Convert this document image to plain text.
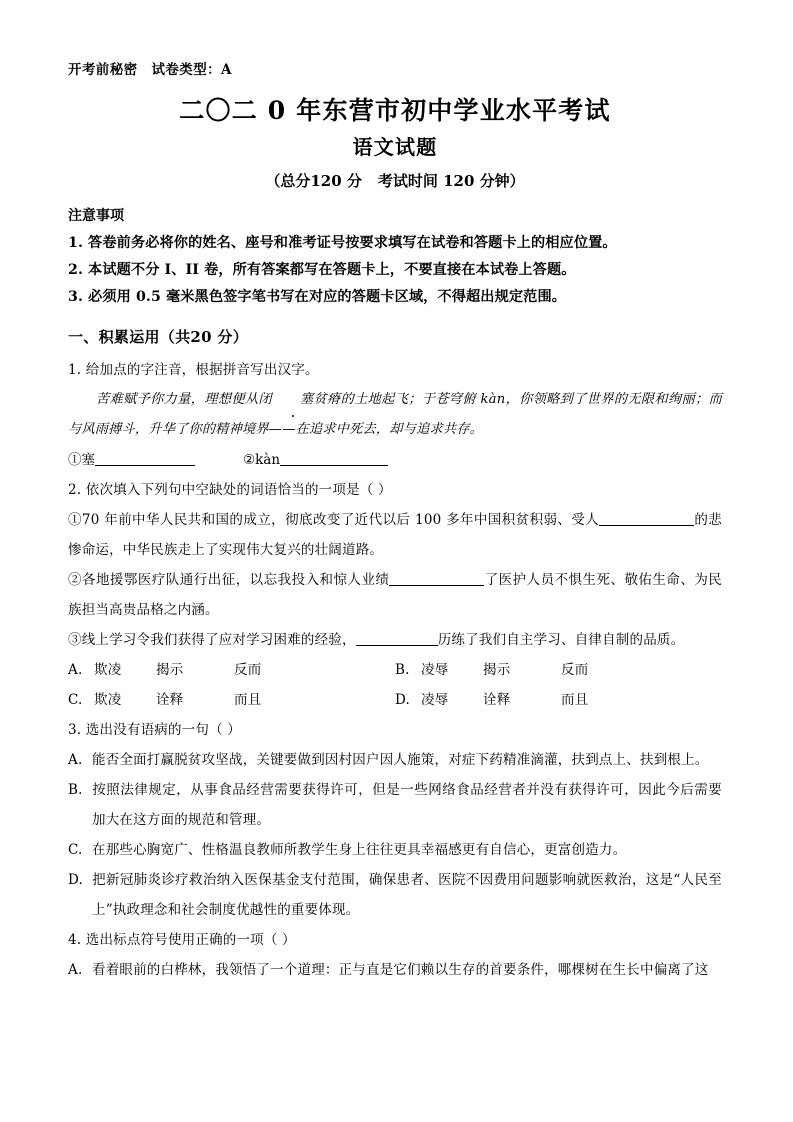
开考前秘密 试卷类型：A
二〇二 0 年东营市初中学业水平考试
语文试题
（总分120 分 考试时间 120 分钟）
注意事项

1. 答卷前务必将你的姓名、座号和准考证号按要求填写在试卷和答题卡上的相应位置。

2. 本试题不分 I、II 卷，所有答案都写在答题卡上，不要直接在本试卷上答题。

3. 必须用 0.5 毫米黑色签字笔书写在对应的答题卡区域，不得超出规定范围。

一、积累运用（共20 分）

1. 给加点的字注音，根据拼音写出汉字。

苦难赋予你力量，理想便从闭 塞贫瘠的土地起飞；于苍穹俯 kàn，你领略到了世界的无限和绚丽；而与风雨搏斗，升华了你的精神境界——在追求中死去，却与追求共存。

①塞	②kàn

2. 依次填入下列句中空缺处的词语恰当的一项是（ ）

①70 年前中华人民共和国的成立，彻底改变了近代以后 100 多年中国积贫积弱、受人	的悲惨命运，中华民族走上了实现伟大复兴的壮阔道路。

②各地援鄂医疗队通行出征，以忘我投入和惊人业绩	了医护人员不惧生死、敬佑生命、为民族担当高贵品格之内涵。

③线上学习令我们获得了应对学习困难的经验，	历练了我们自主学习、自律自制的品质。

A. 欺凌	揭示	反而	B. 凌辱	揭示	反而
C. 欺凌	诠释	而且	D. 凌辱	诠释	而且

3. 选出没有语病的一句（ ）

A. 能否全面打赢脱贫攻坚战，关键要做到因村因户因人施策，对症下药精准滴灌，扶到点上、扶到根上。

B. 按照法律规定，从事食品经营需要获得许可，但是一些网络食品经营者并没有获得许可，因此今后需要加大在这方面的规范和管理。

C. 在那些心胸宽广、性格温良教师所教学生身上往往更具幸福感更有自信心，更富创造力。

D. 把新冠肺炎诊疗救治纳入医保基金支付范围，确保患者、医院不因费用问题影响就医救治，这是“人民至上”执政理念和社会制度优越性的重要体现。

4. 选出标点符号使用正确的一项（ ）

A. 看着眼前的白桦林，我领悟了一个道理：正与直是它们赖以生存的首要条件，哪棵树在生长中偏离了这
